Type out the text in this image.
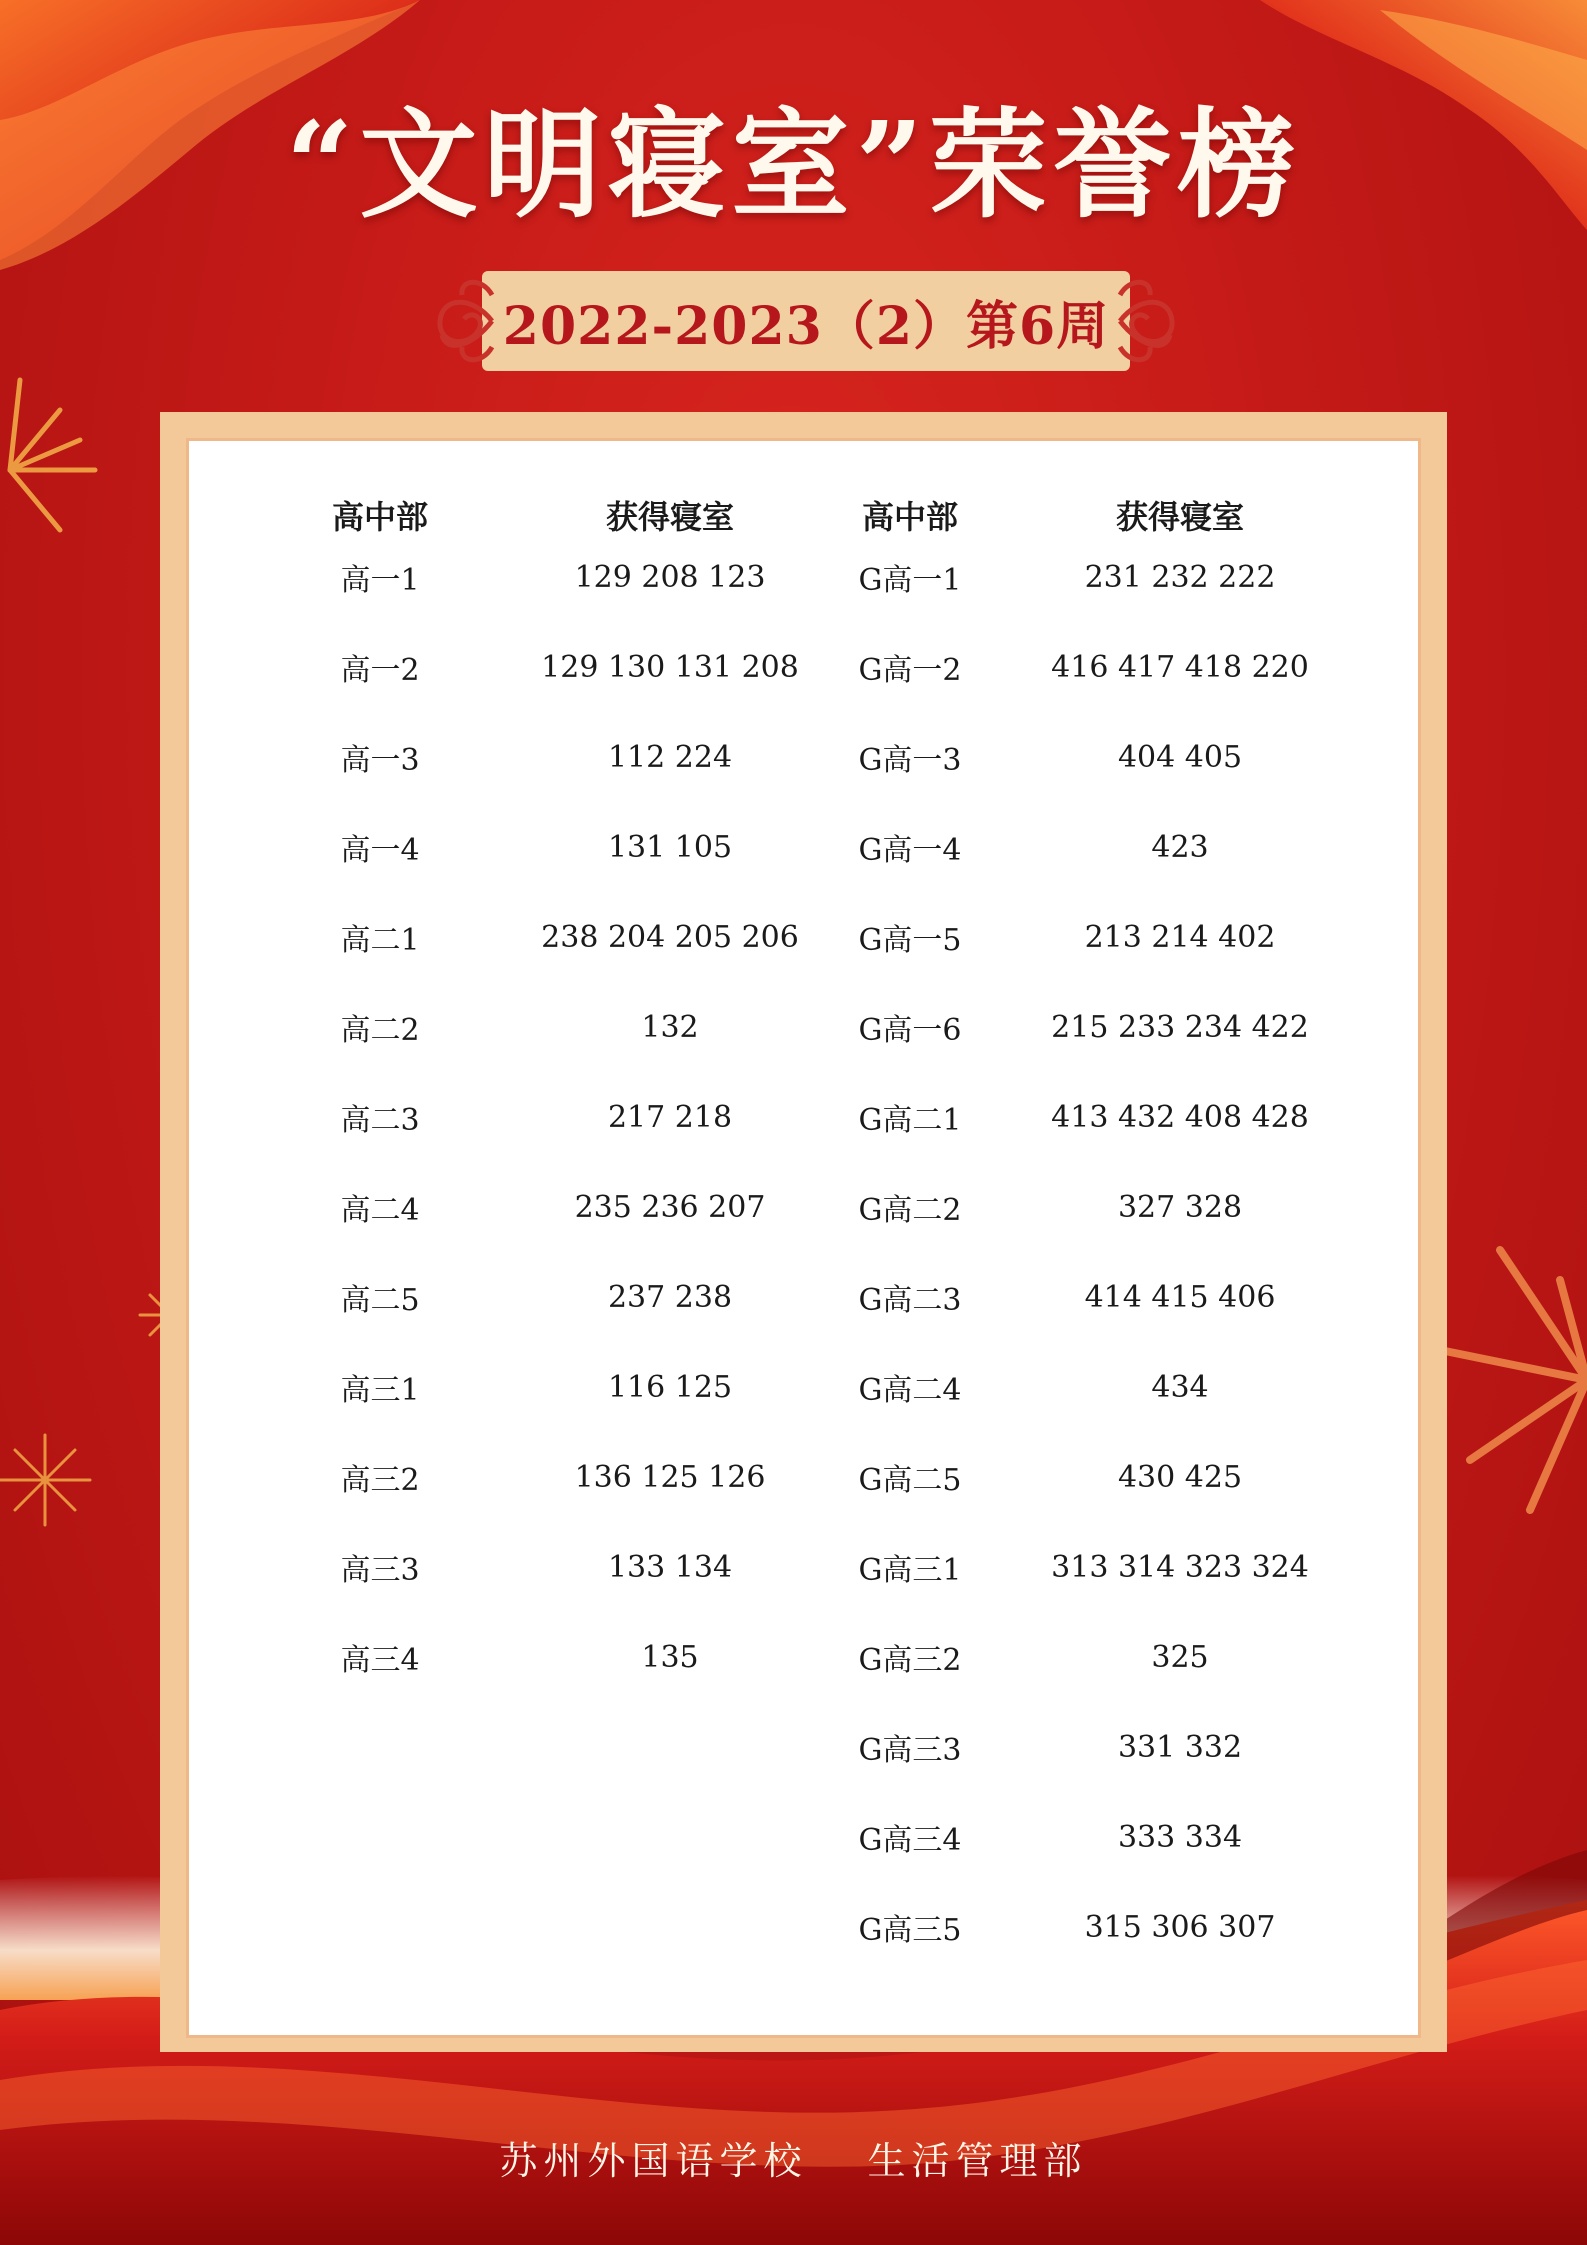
“文明寝室”荣誉榜
2022-2023（2）第6周
高中部	获得寝室
高一1	129 208 123
高一2	129 130 131 208
高一3	112 224
高一4	131 105
高二1	238 204 205 206
高二2	132
高二3	217 218
高二4	235 236 207
高二5	237 238
高三1	116 125
高三2	136 125 126
高三3	133 134
高三4	135
高中部	获得寝室
G高一1	231 232 222
G高一2	416 417 418 220
G高一3	404 405
G高一4	423
G高一5	213 214 402
G高一6	215 233 234 422
G高二1	413 432 408 428
G高二2	327 328
G高二3	414 415 406
G高二4	434
G高二5	430 425
G高三1	313 314 323 324
G高三2	325
G高三3	331 332
G高三4	333 334
G高三5	315 306 307
苏州外国语学校 生活管理部
